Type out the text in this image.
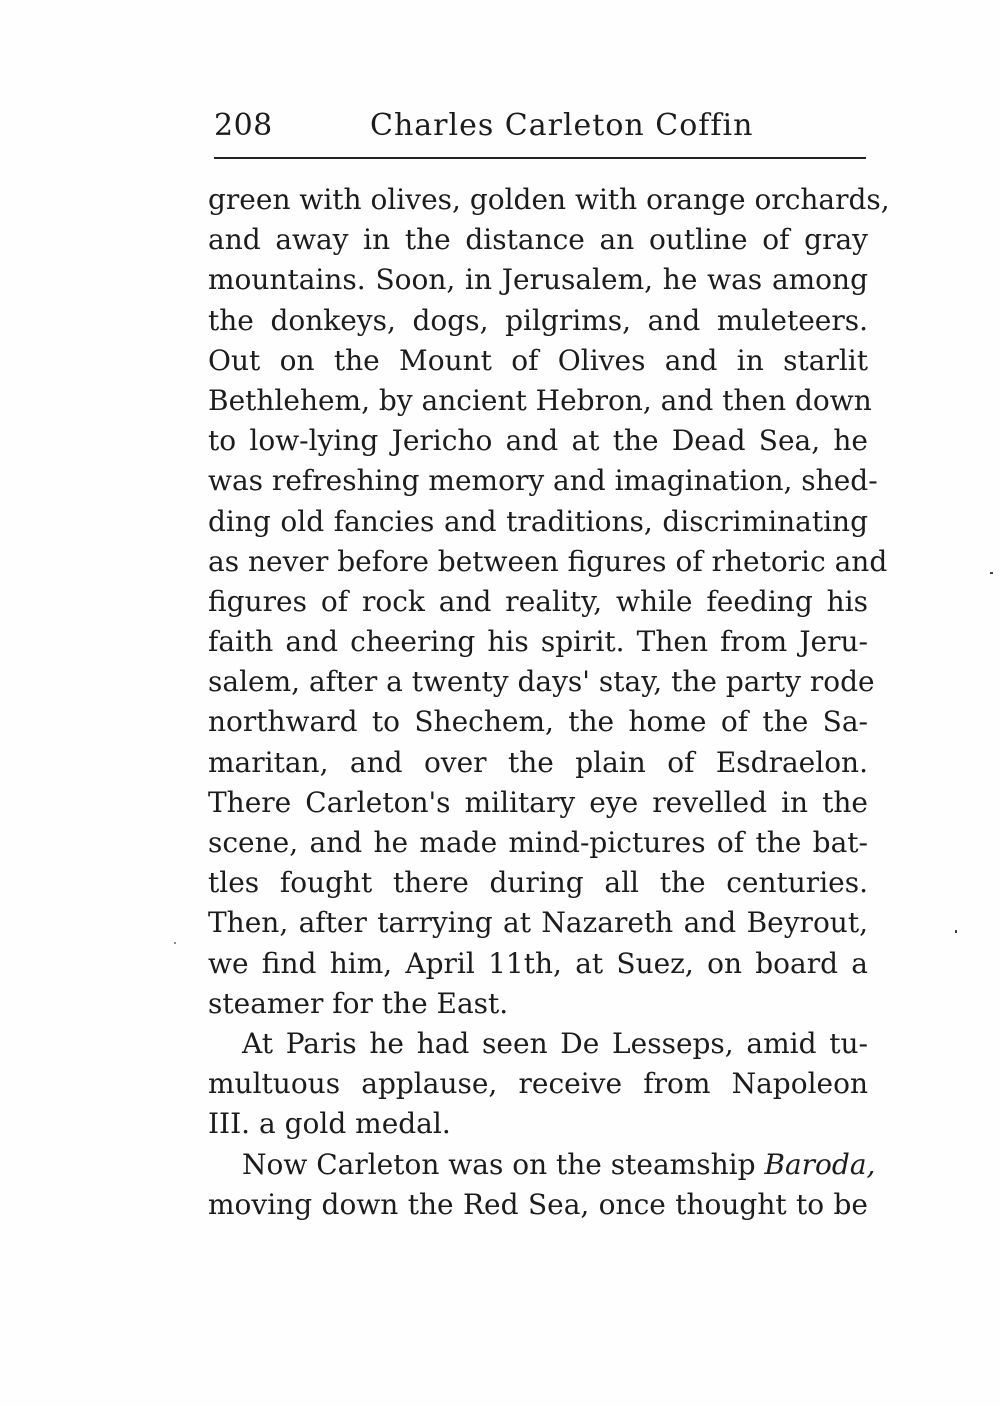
208	Charles Carleton Coffin
green with olives, golden with orange orchards,
and away in the distance an outline of gray
mountains. Soon, in Jerusalem, he was among
the donkeys, dogs, pilgrims, and muleteers.
Out on the Mount of Olives and in starlit
Bethlehem, by ancient Hebron, and then down
to low-lying Jericho and at the Dead Sea, he
was refreshing memory and imagination, shed-
ding old fancies and traditions, discriminating
as never before between figures of rhetoric and
figures of rock and reality, while feeding his
faith and cheering his spirit. Then from Jeru-
salem, after a twenty days' stay, the party rode
northward to Shechem, the home of the Sa-
maritan, and over the plain of Esdraelon.
There Carleton's military eye revelled in the
scene, and he made mind-pictures of the bat-
tles fought there during all the centuries.
Then, after tarrying at Nazareth and Beyrout,
we find him, April 11th, at Suez, on board a
steamer for the East.
At Paris he had seen De Lesseps, amid tu-
multuous applause, receive from Napoleon
III. a gold medal.
Now Carleton was on the steamship Baroda,
moving down the Red Sea, once thought to be
